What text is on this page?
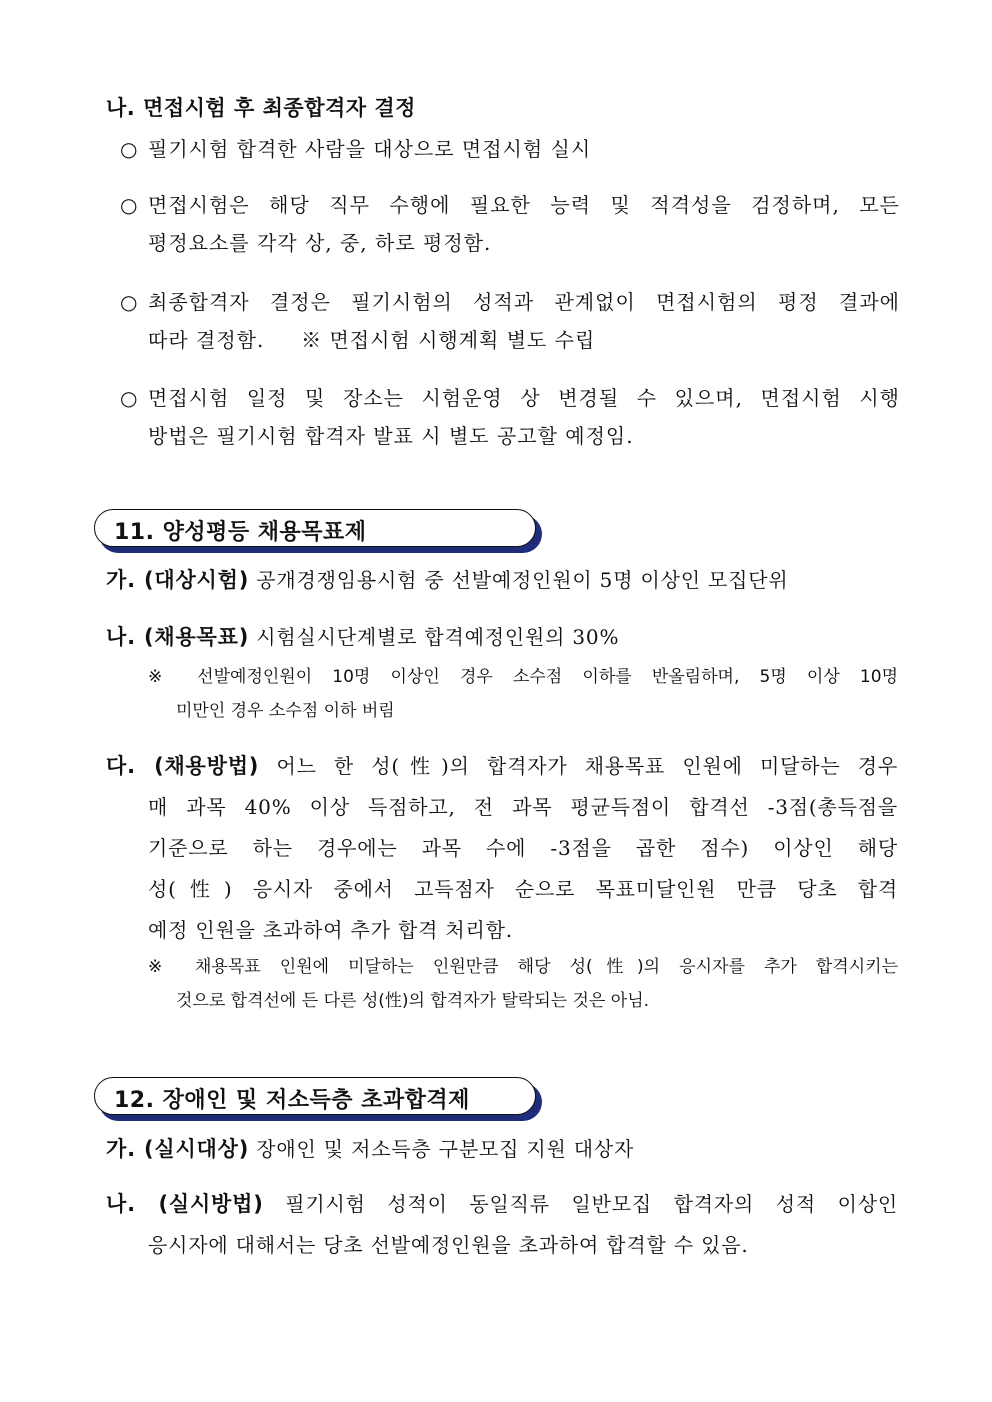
나. 면접시험 후 최종합격자 결정
○ 필기시험 합격한 사람을 대상으로 면접시험 실시
○ 면접시험은 해당 직무 수행에 필요한 능력 및 적격성을 검정하며, 모든
평정요소를 각각 상, 중, 하로 평정함.
○ 최종합격자 결정은 필기시험의 성적과 관계없이 면접시험의 평정 결과에
따라 결정함.     ※ 면접시험 시행계획 별도 수립
○ 면접시험 일정 및 장소는 시험운영 상 변경될 수 있으며, 면접시험 시행
방법은 필기시험 합격자 발표 시 별도 공고할 예정임.
11. 양성평등 채용목표제
가. (대상시험) 공개경쟁임용시험 중 선발예정인원이 5명 이상인 모집단위
나. (채용목표) 시험실시단계별로 합격예정인원의 30%
※ 선발예정인원이 10명 이상인 경우 소수점 이하를 반올림하며, 5명 이상 10명
미만인 경우 소수점 이하 버림
다. (채용방법) 어느 한 성(性)의 합격자가 채용목표 인원에 미달하는 경우
매 과목 40% 이상 득점하고, 전 과목 평균득점이 합격선 -3점(총득점을
기준으로 하는 경우에는 과목 수에 -3점을 곱한 점수) 이상인 해당
성(性) 응시자 중에서 고득점자 순으로 목표미달인원 만큼 당초 합격
예정 인원을 초과하여 추가 합격 처리함.
※ 채용목표 인원에 미달하는 인원만큼 해당 성(性)의 응시자를 추가 합격시키는
것으로 합격선에 든 다른 성(性)의 합격자가 탈락되는 것은 아님.
12. 장애인 및 저소득층 초과합격제
가. (실시대상) 장애인 및 저소득층 구분모집 지원 대상자
나. (실시방법) 필기시험 성적이 동일직류 일반모집 합격자의 성적 이상인
응시자에 대해서는 당초 선발예정인원을 초과하여 합격할 수 있음.
